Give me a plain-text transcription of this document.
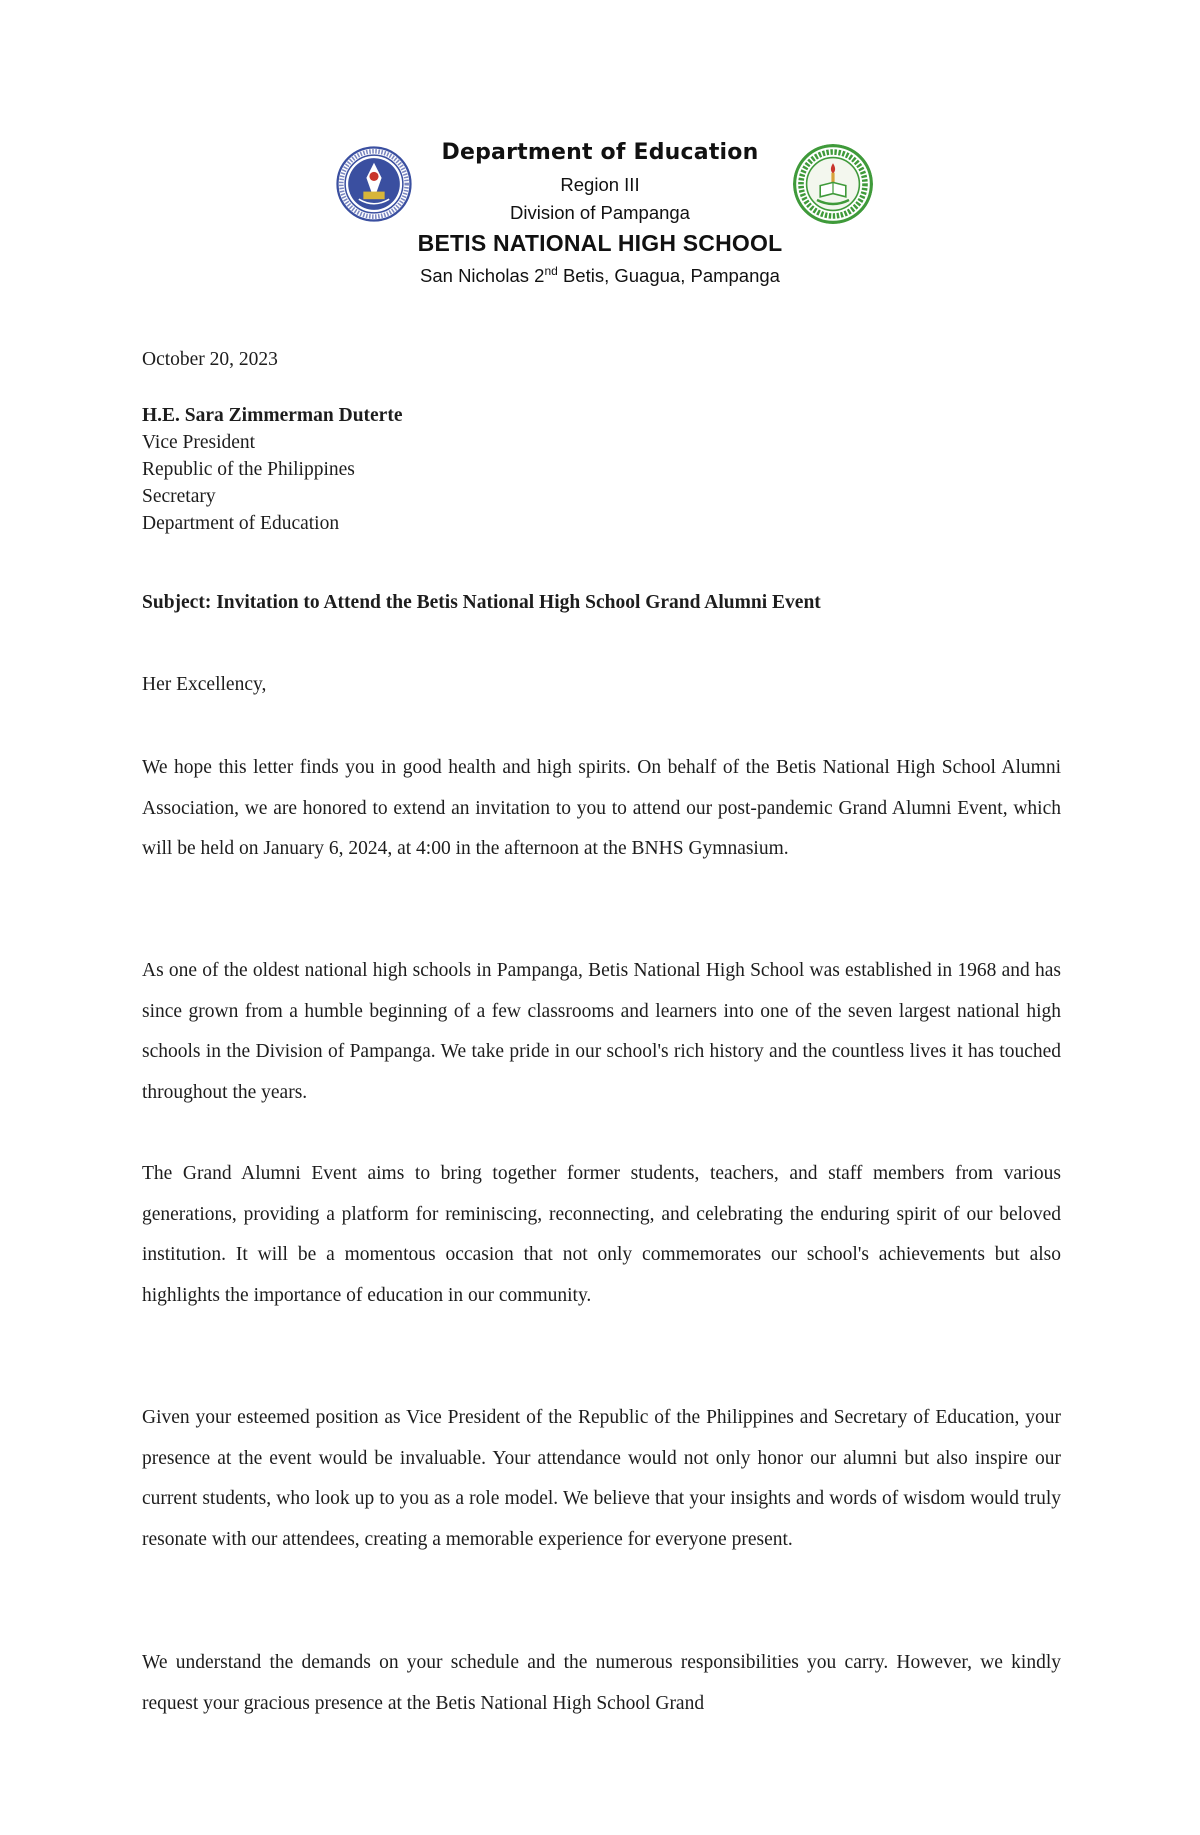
Department of Education
Region III
Division of Pampanga
BETIS NATIONAL HIGH SCHOOL
San Nicholas 2nd Betis, Guagua, Pampanga
October 20, 2023
H.E. Sara Zimmerman Duterte
Vice President
Republic of the Philippines
Secretary
Department of Education
Subject: Invitation to Attend the Betis National High School Grand Alumni Event
Her Excellency,
We hope this letter finds you in good health and high spirits. On behalf of the Betis National High School Alumni Association, we are honored to extend an invitation to you to attend our post-pandemic Grand Alumni Event, which will be held on January 6, 2024, at 4:00 in the afternoon at the BNHS Gymnasium.
As one of the oldest national high schools in Pampanga, Betis National High School was established in 1968 and has since grown from a humble beginning of a few classrooms and learners into one of the seven largest national high schools in the Division of Pampanga. We take pride in our school's rich history and the countless lives it has touched throughout the years.
The Grand Alumni Event aims to bring together former students, teachers, and staff members from various generations, providing a platform for reminiscing, reconnecting, and celebrating the enduring spirit of our beloved institution. It will be a momentous occasion that not only commemorates our school's achievements but also highlights the importance of education in our community.
Given your esteemed position as Vice President of the Republic of the Philippines and Secretary of Education, your presence at the event would be invaluable. Your attendance would not only honor our alumni but also inspire our current students, who look up to you as a role model. We believe that your insights and words of wisdom would truly resonate with our attendees, creating a memorable experience for everyone present.
We understand the demands on your schedule and the numerous responsibilities you carry. However, we kindly request your gracious presence at the Betis National High School Grand
